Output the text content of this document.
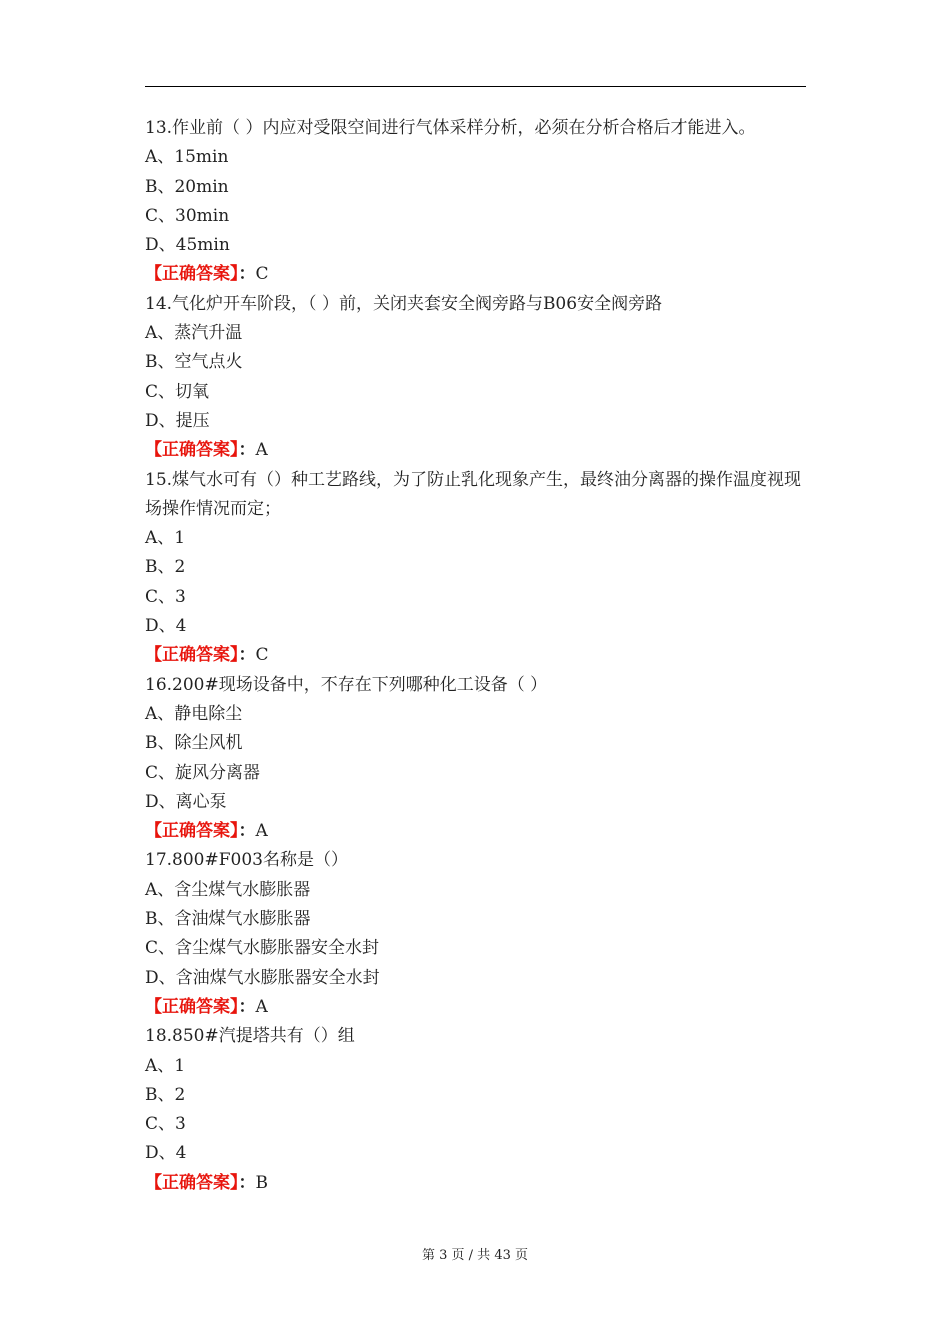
13.作业前（ ）内应对受限空间进行气体采样分析，必须在分析合格后才能进入。
A、15min
B、20min
C、30min
D、45min
【正确答案】：C
14.气化炉开车阶段，（ ）前，关闭夹套安全阀旁路与B06安全阀旁路
A、蒸汽升温
B、空气点火
C、切氧
D、提压
【正确答案】：A
15.煤气水可有（）种工艺路线，为了防止乳化现象产生，最终油分离器的操作温度视现场操作情况而定；
A、1
B、2
C、3
D、4
【正确答案】：C
16.200#现场设备中，不存在下列哪种化工设备（ ）
A、静电除尘
B、除尘风机
C、旋风分离器
D、离心泵
【正确答案】：A
17.800#F003名称是（）
A、含尘煤气水膨胀器
B、含油煤气水膨胀器
C、含尘煤气水膨胀器安全水封
D、含油煤气水膨胀器安全水封
【正确答案】：A
18.850#汽提塔共有（）组
A、1
B、2
C、3
D、4
【正确答案】：B
第 3 页 / 共 43 页
